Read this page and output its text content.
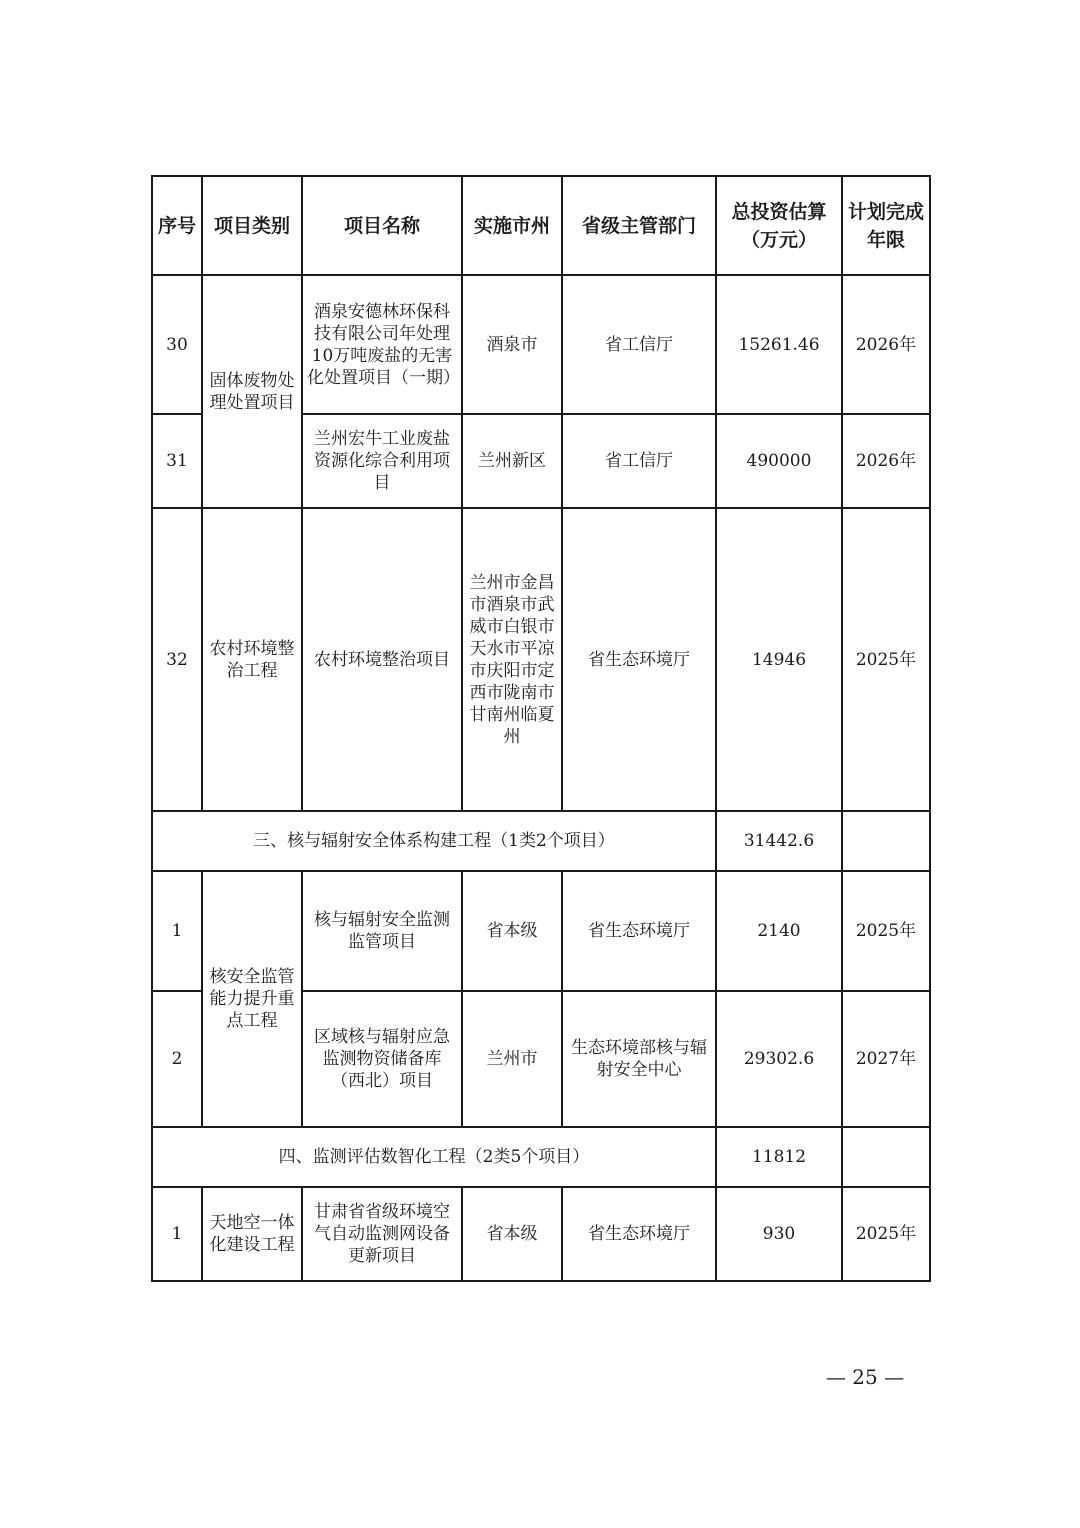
序号	项目类别	项目名称	实施市州	省级主管部门	总投资估算（万元）	计划完成年限
30	固体废物处理处置项目	酒泉安德林环保科技有限公司年处理10万吨废盐的无害化处置项目（一期）	酒泉市	省工信厅	15261.46	2026年
31		兰州宏牛工业废盐资源化综合利用项目	兰州新区	省工信厅	490000	2026年
32	农村环境整治工程	农村环境整治项目	兰州市金昌市酒泉市武威市白银市天水市平凉市庆阳市定西市陇南市甘南州临夏州	省生态环境厅	14946	2025年
三、核与辐射安全体系构建工程（1类2个项目）					31442.6	
1	核安全监管能力提升重点工程	核与辐射安全监测监管项目	省本级	省生态环境厅	2140	2025年
2		区域核与辐射应急监测物资储备库（西北）项目	兰州市	生态环境部核与辐射安全中心	29302.6	2027年
四、监测评估数智化工程（2类5个项目）					11812	
1	天地空一体化建设工程	甘肃省省级环境空气自动监测网设备更新项目	省本级	省生态环境厅	930	2025年
— 25 —
